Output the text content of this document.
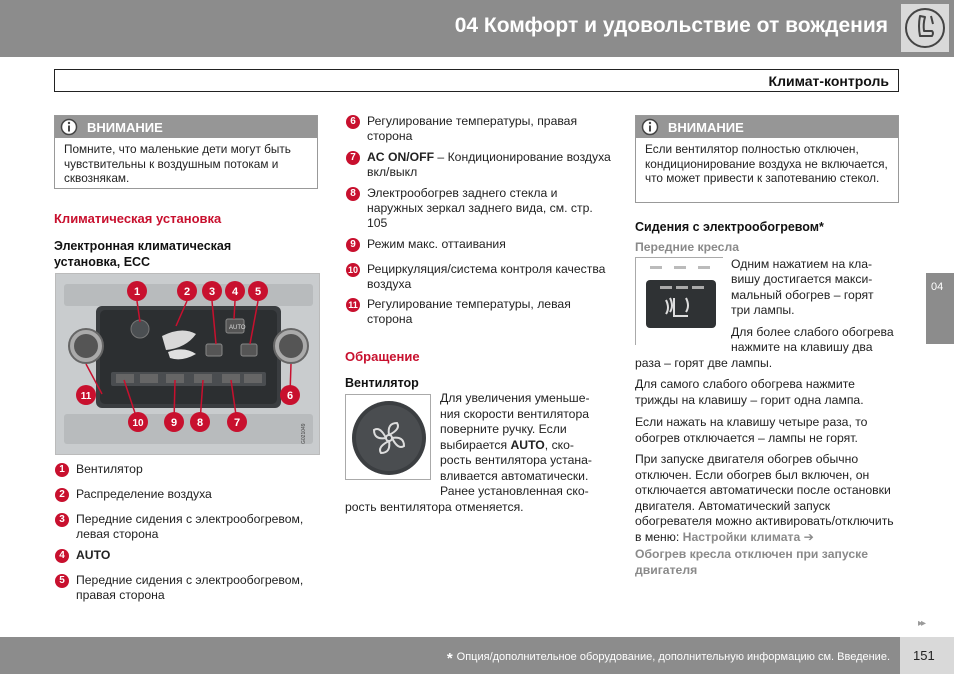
04 Комфорт и удовольствие от вождения
Климат-контроль
04
ВНИМАНИЕ
Помните, что маленькие дети могут быть чувствительны к воздушным потокам и сквознякам.
Климатическая установка
Электронная климатическая установка, ЕСС
AUTO
1	2 3 4 5
6
7
8
9
10
11
G021049
1 Вентилятор
2 Распределение воздуха
3 Передние сидения с электрообогревом, левая сторона
4 AUTO
5 Передние сидения с электрообогревом, правая сторона
6 Регулирование температуры, правая сторона
7 AC ON/OFF – Кондиционирование воздуха вкл/выкл
8 Электрообогрев заднего стекла и наружных зеркал заднего вида, см. стр. 105
9 Режим макс. оттаивания
10 Рециркуляция/система контроля качества воздуха
11 Регулирование температуры, левая сторона
Обращение
Вентилятор
Для увеличения уменьше-
ния скорости вентилятора
поверните ручку. Если
выбирается AUTO, ско-
рость вентилятора устана-
вливается автоматически.
Ранее установленная ско-
рость вентилятора отменяется.
ВНИМАНИЕ
Если вентилятор полностью отключен, кондиционирование воздуха не включается, что может привести к запотеванию стекол.
Сидения с электрообогревом*
Передние кресла
Одним нажатием на кла-
вишу достигается макси-
мальный обогрев – горят
три лампы.
Для более слабого обогрева
нажмите на клавишу два
раза – горят две лампы.
Для самого слабого обогрева нажмите трижды на клавишу – горит одна лампа.
Если нажать на клавишу четыре раза, то обогрев отключается – лампы не горят.
При запуске двигателя обогрев обычно отключен. Если обогрев был включен, он отключается автоматически после остановки двигателя. Автоматический запуск обогревателя можно активировать/отключить в меню: Настройки климата ➔
Обогрев кресла отключен при запуске двигателя
▸▸
* Опция/дополнительное оборудование, дополнительную информацию см. Введение. 151
